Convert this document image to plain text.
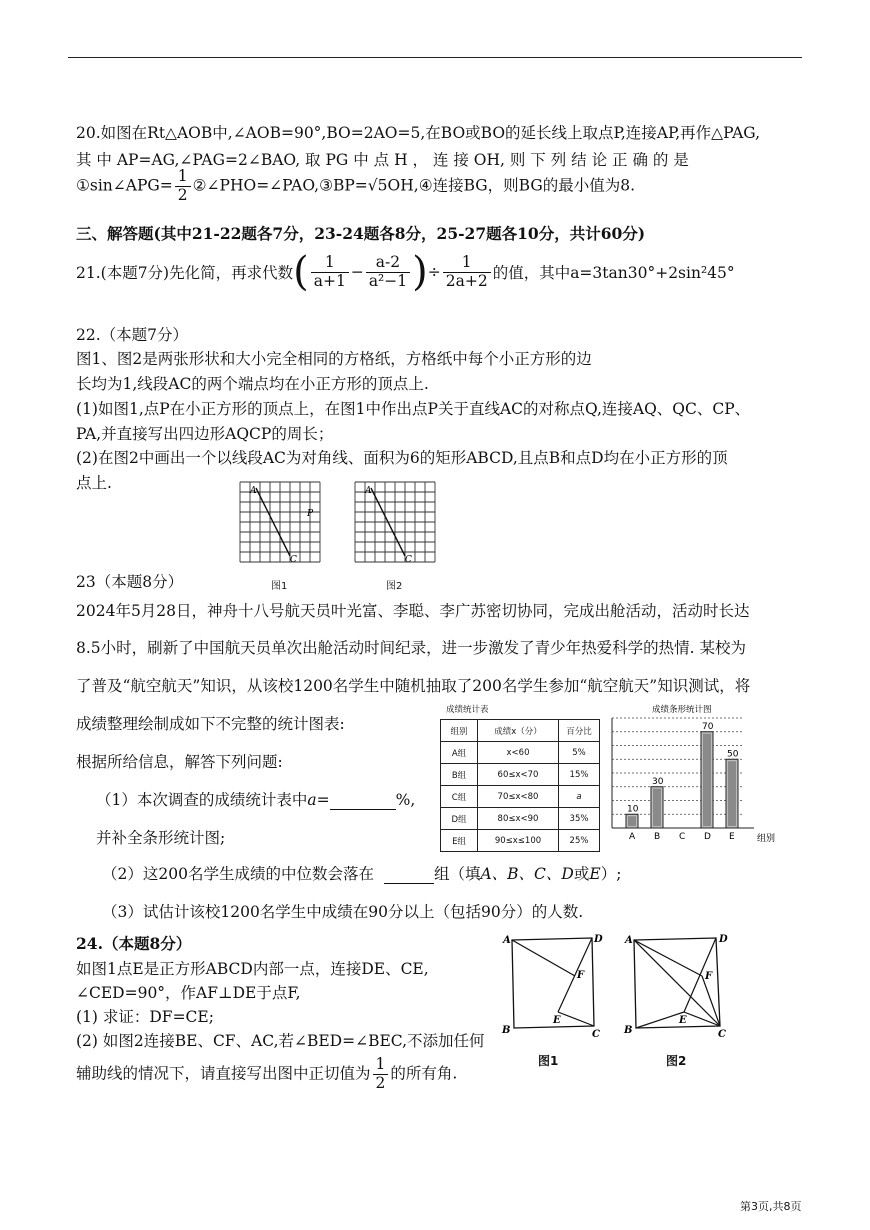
20.如图在Rt△AOB中,∠AOB=90°,BO=2AO=5,在BO或BO的延长线上取点P,连接AP,再作△PAG,
其 中 AP=AG,∠PAG=2∠BAO, 取 PG 中 点 H ， 连 接 OH, 则 下 列 结 论 正 确 的 是
①sin∠APG= $\frac{1}{2}$ ②∠PHO=∠PAO,③BP=√5OH,④连接BG，则BG的最小值为8.
三、解答题(其中21-22题各7分，23-24题各8分，25-27题各10分，共计60分)
21.(本题7分)先化简，再求代数( $\frac{1}{a+1} - \frac{a-2}{\text{a²−1}}$ )÷ $\frac{1}{2a+2}$ 的值，其中a=3tan30°+2sin²45°
22.（本题7分）
图1、图2是两张形状和大小完全相同的方格纸，方格纸中每个小正方形的边
长均为1,线段AC的两个端点均在小正方形的顶点上.
(1)如图1,点P在小正方形的顶点上，在图1中作出点P关于直线AC的对称点Q,连接AQ、QC、CP、
PA,并直接写出四边形AQCP的周长；
(2)在图2中画出一个以线段AC为对角线、面积为6的矩形ABCD,且点B和点D均在小正方形的顶
点上.	A
C
P
A
C
图1	图2
23（本题8分）
2024年5月28日，神舟十八号航天员叶光富、李聪、李广苏密切协同，完成出舱活动，活动时长达
8.5小时，刷新了中国航天员单次出舱活动时间纪录，进一步激发了青少年热爱科学的热情. 某校为
了普及“航空航天”知识，从该校1200名学生中随机抽取了200名学生参加“航空航天”知识测试，将
成绩整理绘制成如下不完整的统计图表:
根据所给信息，解答下列问题:
（1）本次调查的成绩统计表中a=	%,
并补全条形统计图;
（2）这200名学生成绩的中位数会落在	组（填A、B、C、D或E）;
（3）试估计该校1200名学生中成绩在90分以上（包括90分）的人数.
成绩统计表
组别	成绩x（分）	百分比
A组	x<60	5%
B组	60≤x<70	15%
C组	70≤x<80	a
D组	80≤x<90	35%
E组	90≤x≤100	25%
成绩条形统计图
A
10
B
30
C D
70
E
50
组别
24.（本题8分）
如图1点E是正方形ABCD内部一点，连接DE、CE,
∠CED=90°，作AF⊥DE于点F,
(1) 求证：DF=CE;
(2) 如图2连接BE、CF、AC,若∠BED=∠BEC,不添加任何
辅助线的情况下，请直接写出图中正切值为 $\frac{1}{2}$ 的所有角.
A	D
B	C
E
F
图1
A	D
B	C
E
F
图2
第3页,共8页
